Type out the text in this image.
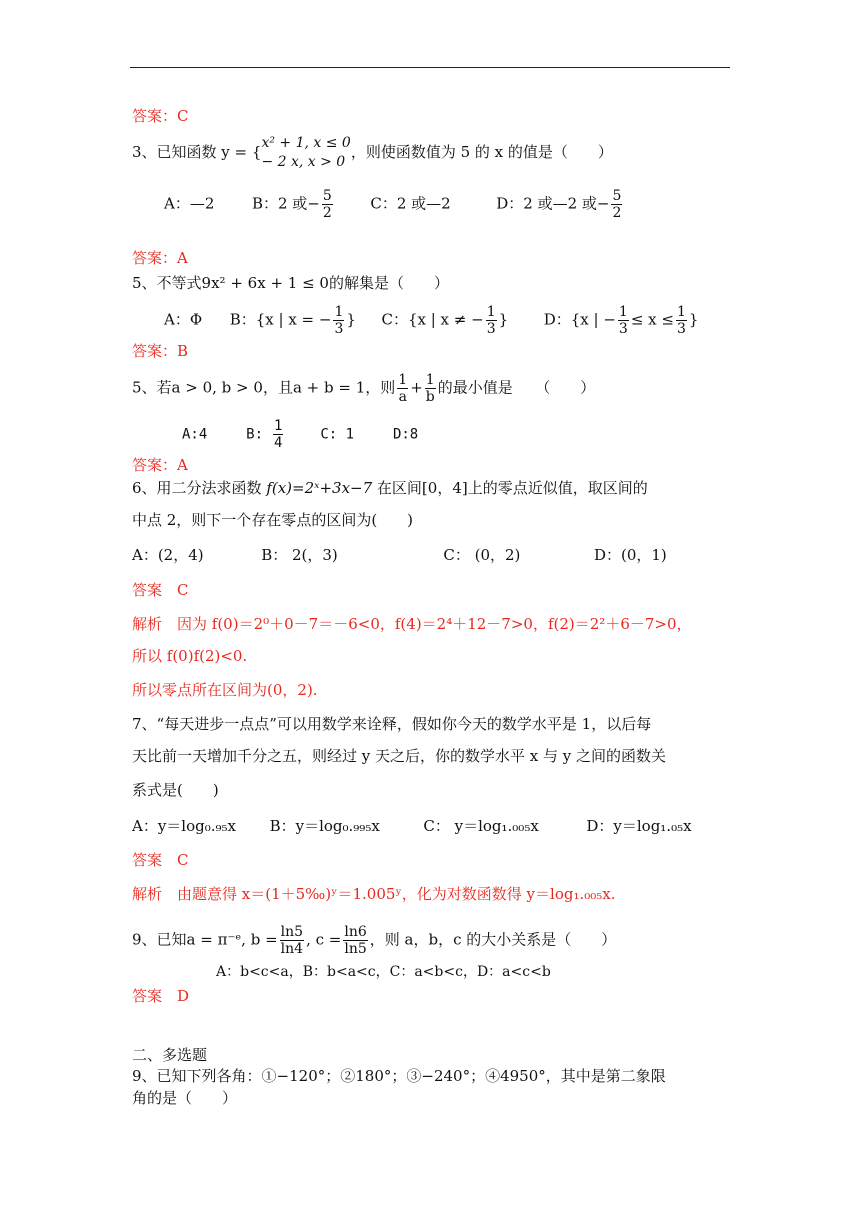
答案：C
3、已知函数 y = { x² + 1, x ≤ 0
− 2 x, x > 0
，则使函数值为 5 的 x 的值是（　　）
A：—2	B：2 或− $\frac{5}{2}$	C：2 或—2	D：2 或—2 或− $\frac{5}{2}$
答案：A
5、不等式9x² + 6x + 1 ≤ 0的解集是（　　）
A：Φ B：{x | x = − $\frac{1}{3}$ } C：{x | x ≠ − $\frac{1}{3}$ } D：{x | − $\frac{1}{3} \le x \le \frac{1}{3}$ }
答案：B
5、若a > 0, b > 0，且a + b = 1，则 $\frac{1}{a} + \frac{1}{b}$ 的最小值是　　（　　）
A:4	B: $\frac{1}{4}$	C: 1	D:8
答案：A
6、用二分法求函数 f(x)=2ˣ+3x−7 在区间[0，4]上的零点近似值，取区间的
中点 2，则下一个存在零点的区间为(　　)
A：(2，4)	B： 2(，3)	C： (0，2)	D：(0，1)
答案　C
解析　因为 f(0)＝2⁰＋0－7＝－6<0，f(4)＝2⁴＋12－7>0，f(2)＝2²＋6－7>0，
所以 f(0)f(2)<0.
所以零点所在区间为(0，2).
7、“每天进步一点点”可以用数学来诠释，假如你今天的数学水平是 1，以后每
天比前一天增加千分之五，则经过 y 天之后，你的数学水平 x 与 y 之间的函数关
系式是(　　)
A：y＝log₀.₉₅x B：y＝log₀.₉₉₅x	C： y＝log₁.₀₀₅x	D：y＝log₁.₀₅x
答案　C
解析　由题意得 x＝(1＋5‰)ʸ＝1.005ʸ，化为对数函数得 y＝log₁.₀₀₅x.
9、已知a = π⁻ᵉ, $b = \frac{\ln 5}{\ln 4}$ , $c = \frac{\ln 6}{\ln 5}$ ，则 a，b，c 的大小关系是（　　）
A：b<c<a，B：b<a<c，C：a<b<c，D：a<c<b
答案　D
二、多选题
9、已知下列各角：①−120°；②180°；③−240°；④4950°，其中是第二象限
角的是（　　）
